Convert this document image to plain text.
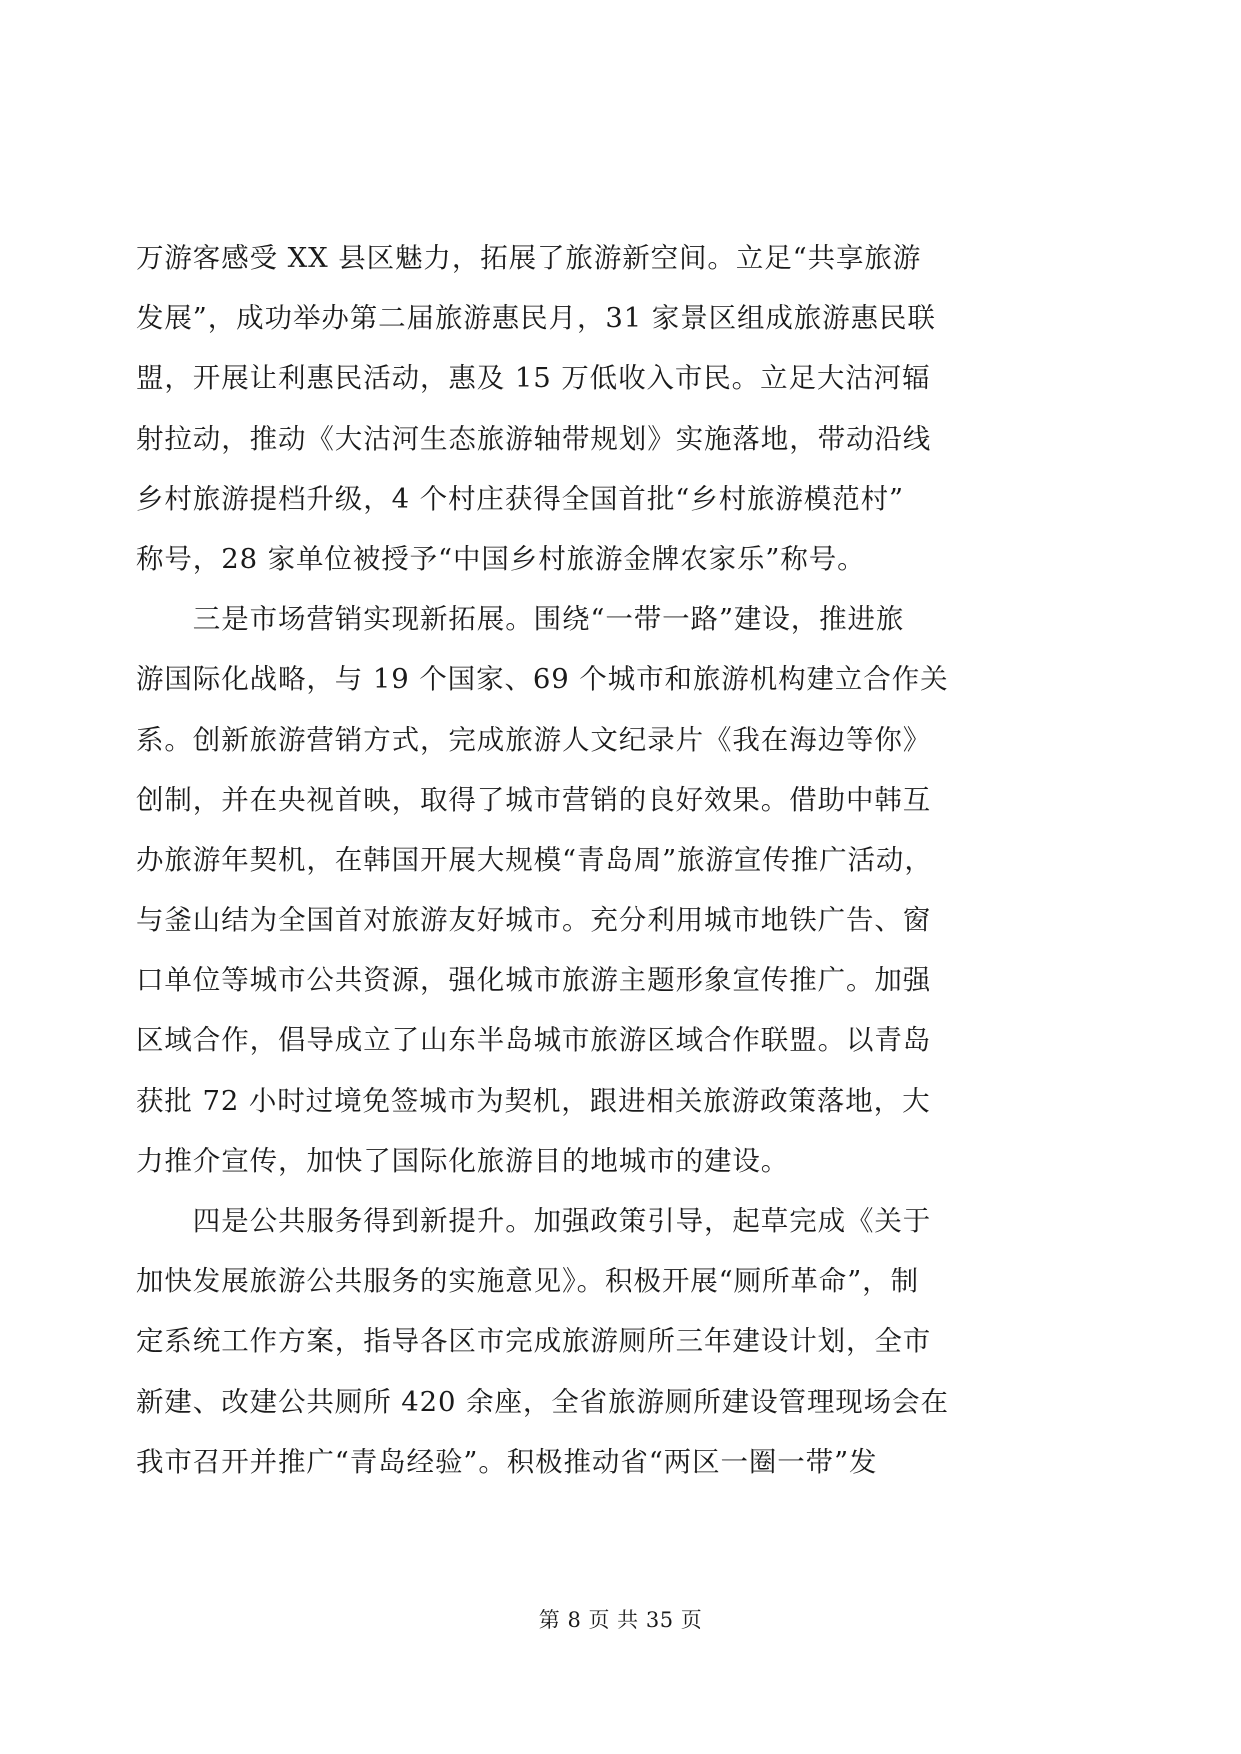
万游客感受 XX 县区魅力，拓展了旅游新空间。立足“共享旅游
发展”，成功举办第二届旅游惠民月，31 家景区组成旅游惠民联
盟，开展让利惠民活动，惠及 15 万低收入市民。立足大沽河辐
射拉动，推动《大沽河生态旅游轴带规划》实施落地，带动沿线
乡村旅游提档升级，4 个村庄获得全国首批“乡村旅游模范村”
称号，28 家单位被授予“中国乡村旅游金牌农家乐”称号。
　　三是市场营销实现新拓展。围绕“一带一路”建设，推进旅
游国际化战略，与 19 个国家、69 个城市和旅游机构建立合作关
系。创新旅游营销方式，完成旅游人文纪录片《我在海边等你》
创制，并在央视首映，取得了城市营销的良好效果。借助中韩互
办旅游年契机，在韩国开展大规模“青岛周”旅游宣传推广活动，
与釜山结为全国首对旅游友好城市。充分利用城市地铁广告、窗
口单位等城市公共资源，强化城市旅游主题形象宣传推广。加强
区域合作，倡导成立了山东半岛城市旅游区域合作联盟。以青岛
获批 72 小时过境免签城市为契机，跟进相关旅游政策落地，大
力推介宣传，加快了国际化旅游目的地城市的建设。
　　四是公共服务得到新提升。加强政策引导，起草完成《关于
加快发展旅游公共服务的实施意见》。积极开展“厕所革命”，制
定系统工作方案，指导各区市完成旅游厕所三年建设计划，全市
新建、改建公共厕所 420 余座，全省旅游厕所建设管理现场会在
我市召开并推广“青岛经验”。积极推动省“两区一圈一带”发
第 8 页 共 35 页
